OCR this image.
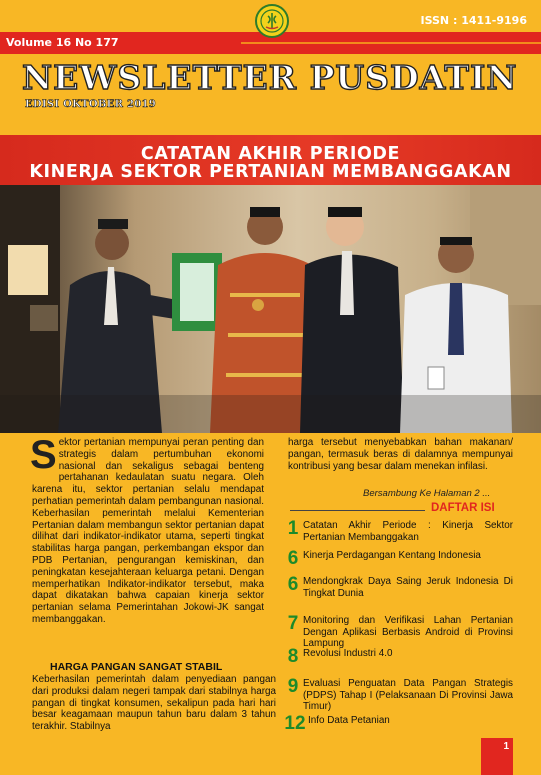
ISSN : 1411-9196
Volume 16 No 177
NEWSLETTER PUSDATIN
EDISI OKTOBER 2019
CATATAN AKHIR PERIODE
KINERJA SEKTOR PERTANIAN MEMBANGGAKAN
Sektor pertanian mempunyai peran penting dan strategis dalam pertumbuhan ekonomi nasional dan sekaligus sebagai benteng pertahanan kedaulatan suatu negara. Oleh karena itu, sektor pertanian selalu mendapat perhatian pemerintah dalam pembangunan nasional. Keberhasilan pemerintah melalui Kementerian Pertanian dalam membangun sektor pertanian dapat dilihat dari indikator-indikator utama, seperti tingkat stabilitas harga pangan, perkembangan ekspor dan PDB Pertanian, pengurangan kemiskinan, dan peningkatan kesejahteraan keluarga petani. Dengan memperhatikan Indikator-indikator tersebut, maka dapat dikatakan bahwa capaian kinerja sektor pertanian selama Pemerintahan Jokowi-JK sangat membanggakan.
HARGA PANGAN SANGAT STABIL
Keberhasilan pemerintah dalam penyediaan pangan dari produksi dalam negeri tampak dari stabilnya harga pangan di tingkat konsumen, sekalipun pada hari hari besar keagamaan maupun tahun baru dalam 3 tahun terakhir. Stabilnya
harga tersebut menyebabkan bahan makanan/ pangan, termasuk beras di dalamnya mempunyai kontribusi yang besar dalam menekan infilasi.
Bersambung Ke Halaman 2 ...
DAFTAR ISI
1 Catatan Akhir Periode : Kinerja Sektor Pertanian Membanggakan
6 Kinerja Perdagangan Kentang Indonesia
6 Mendongkrak Daya Saing Jeruk Indonesia Di Tingkat Dunia
7 Monitoring dan Verifikasi Lahan Pertanian Dengan Aplikasi Berbasis Android di Provinsi Lampung
8 Revolusi Industri 4.0
9 Evaluasi Penguatan Data Pangan Strategis (PDPS) Tahap I (Pelaksanaan Di Provinsi Jawa Timur)
12 Info Data Petanian
1
